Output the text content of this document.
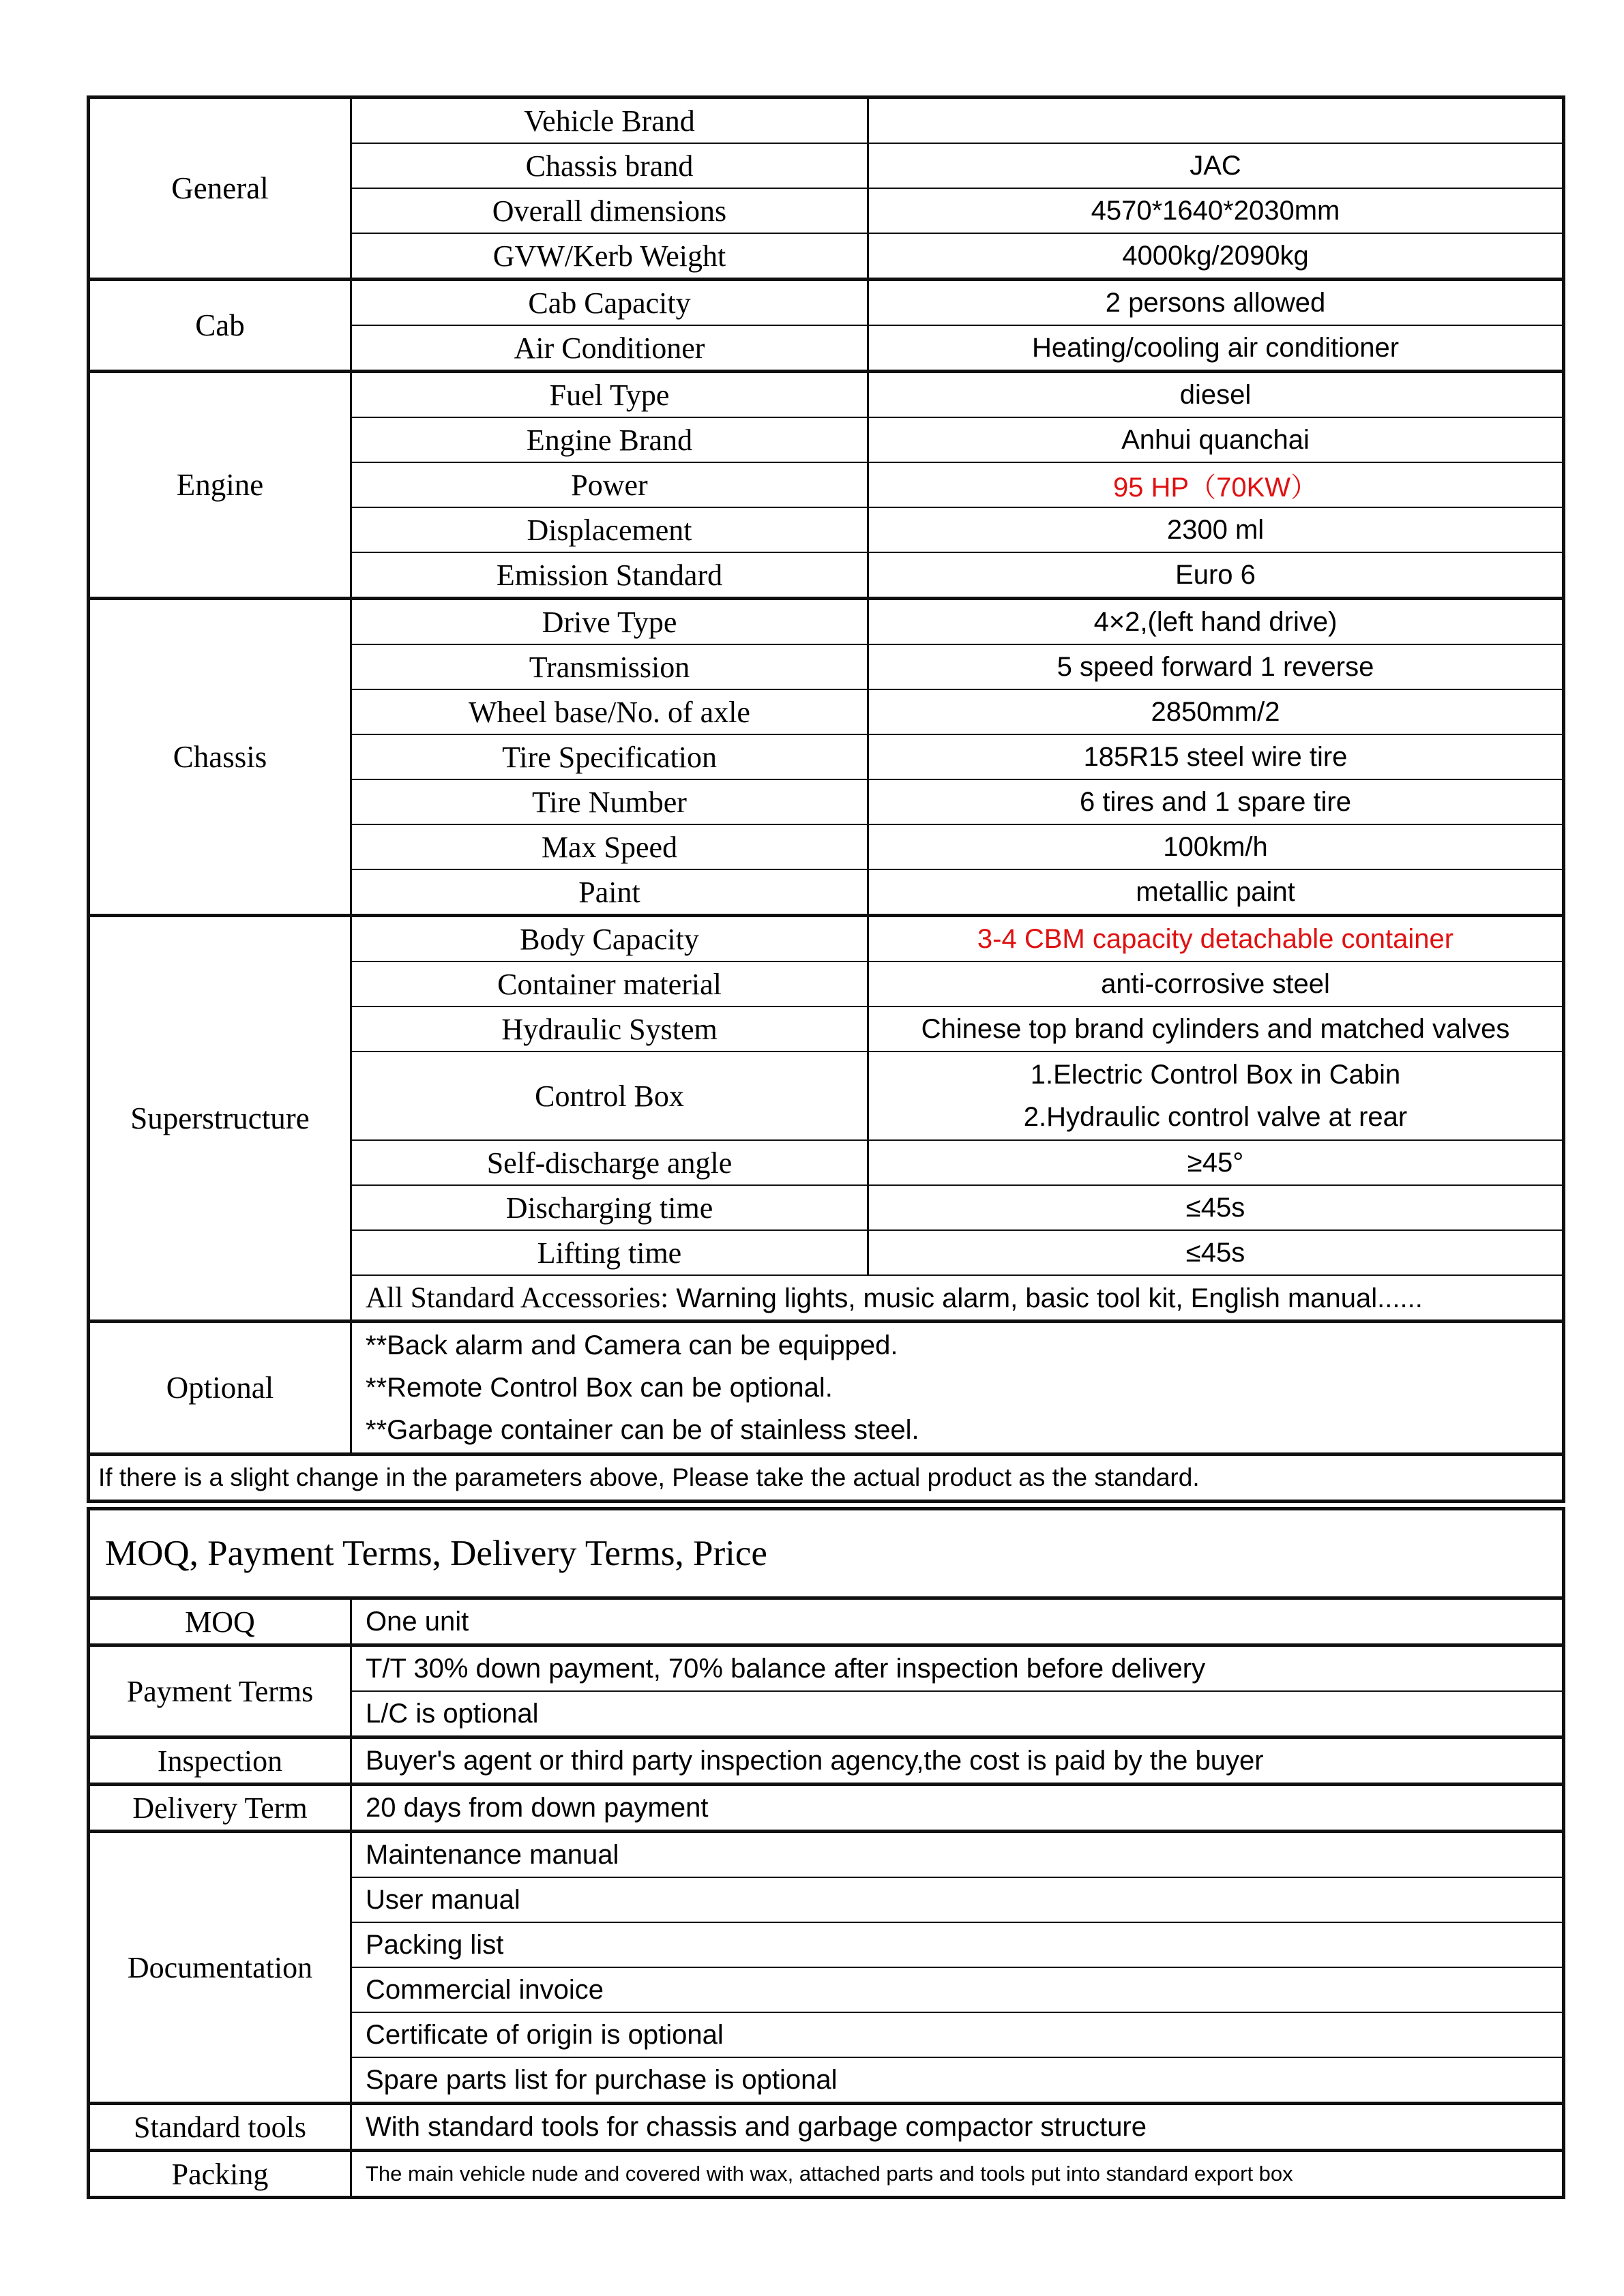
General	Vehicle Brand	
	Chassis brand	JAC
	Overall dimensions	4570*1640*2030mm
	GVW/Kerb Weight	4000kg/2090kg
Cab	Cab Capacity	2 persons allowed
	Air Conditioner	Heating/cooling air conditioner
Engine	Fuel Type	diesel
	Engine Brand	Anhui quanchai
	Power	95 HP（70KW）
	Displacement	2300 ml
	Emission Standard	Euro 6
Chassis	Drive Type	4×2,(left hand drive)
	Transmission	5 speed forward 1 reverse
	Wheel base/No. of axle	2850mm/2
	Tire Specification	185R15 steel wire tire
	Tire Number	6 tires and 1 spare tire
	Max Speed	100km/h
	Paint	metallic paint
Superstructure	Body Capacity	3-4 CBM capacity detachable container
	Container material	anti-corrosive steel
	Hydraulic System	Chinese top brand cylinders and matched valves
	Control Box	1.Electric Control Box in Cabin
2.Hydraulic control valve at rear

	Self-discharge angle	≥45°
	Discharging time	≤45s
	Lifting time	≤45s
	All Standard Accessories: Warning lights, music alarm, basic tool kit, English manual......	
Optional	**Back alarm and Camera can be equipped.
**Remote Control Box can be optional.
**Garbage container can be of stainless steel.	

If there is a slight change in the parameters above, Please take the actual product as the standard.		
MOQ, Payment Terms, Delivery Terms, Price	
MOQ	One unit
Payment Terms	T/T 30% down payment, 70% balance after inspection before delivery
	L/C is optional
Inspection	Buyer's agent or third party inspection agency,the cost is paid by the buyer
Delivery Term	20 days from down payment
Documentation	Maintenance manual
	User manual
	Packing list
	Commercial invoice
	Certificate of origin is optional
	Spare parts list for purchase is optional
Standard tools	With standard tools for chassis and garbage compactor structure
Packing	The main vehicle nude and covered with wax, attached parts and tools put into standard export box
